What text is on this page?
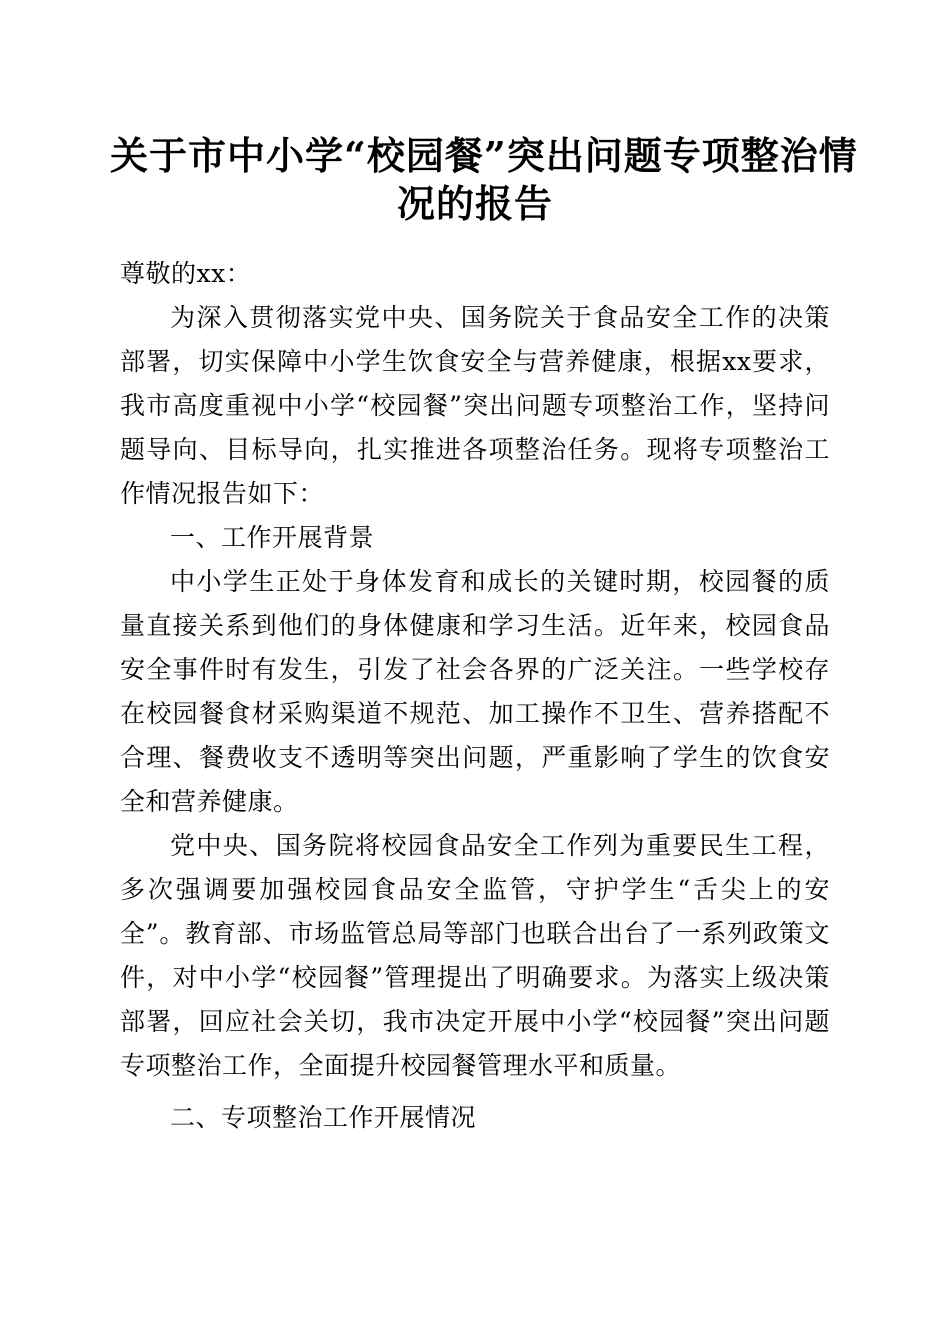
关于市中小学“校园餐”突出问题专项整治情
况的报告

尊敬的xx：

为深入贯彻落实党中央、国务院关于食品安全工作的决策部署，切实保障中小学生饮食安全与营养健康，根据xx要求，我市高度重视中小学“校园餐”突出问题专项整治工作，坚持问题导向、目标导向，扎实推进各项整治任务。现将专项整治工作情况报告如下：

一、工作开展背景

中小学生正处于身体发育和成长的关键时期，校园餐的质量直接关系到他们的身体健康和学习生活。近年来，校园食品安全事件时有发生，引发了社会各界的广泛关注。一些学校存在校园餐食材采购渠道不规范、加工操作不卫生、营养搭配不合理、餐费收支不透明等突出问题，严重影响了学生的饮食安全和营养健康。

党中央、国务院将校园食品安全工作列为重要民生工程，多次强调要加强校园食品安全监管，守护学生“舌尖上的安全”。教育部、市场监管总局等部门也联合出台了一系列政策文件，对中小学“校园餐”管理提出了明确要求。为落实上级决策部署，回应社会关切，我市决定开展中小学“校园餐”突出问题专项整治工作，全面提升校园餐管理水平和质量。

二、专项整治工作开展情况
